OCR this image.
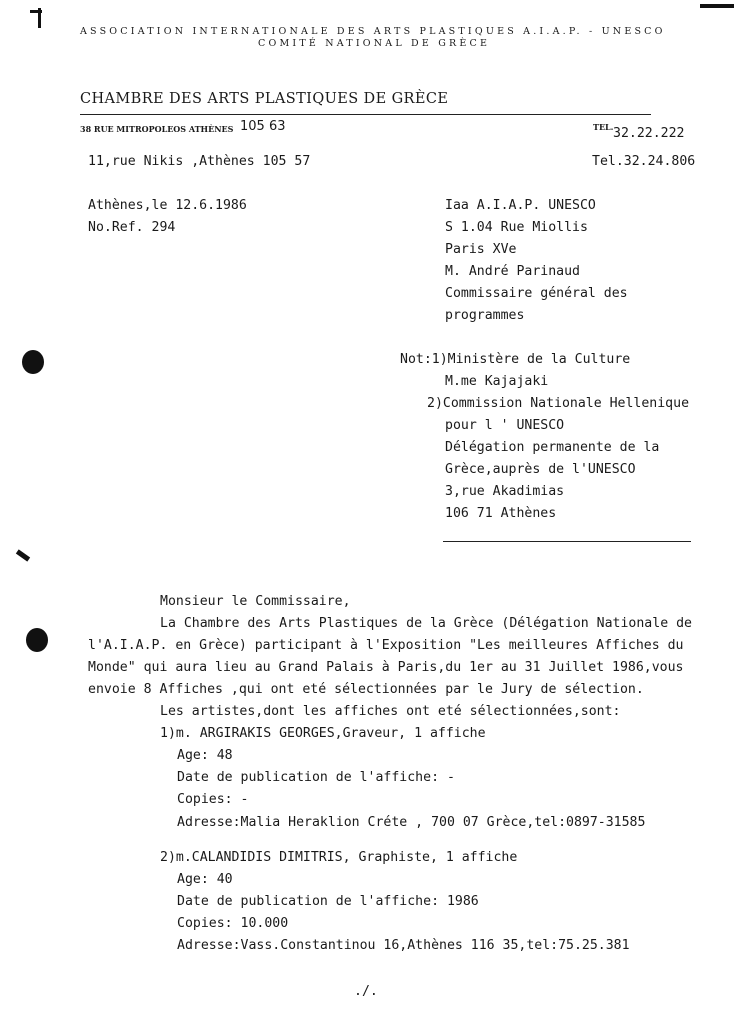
ASSOCIATION INTERNATIONALE DES ARTS PLASTIQUES A.I.A.P. - UNESCO
COMITÉ NATIONAL DE GRÈCE
CHAMBRE DES ARTS PLASTIQUES DE GRÈCE
38 RUE MITROPOLEOS ATHÈNES 105 63	TEL. 32.22.222
11,rue Nikis ,Athènes 105 57	Tel.32.24.806
Athènes,le 12.6.1986
No.Ref. 294
Iaa A.I.A.P. UNESCO
S 1.04 Rue Miollis
Paris XVe
M. André Parinaud
Commissaire général des
programmes
Not:1)Ministère de la Culture
M.me Kajajaki
2)Commission Nationale Hellenique
pour l ' UNESCO
Délégation permanente de la
Grèce,auprès de l'UNESCO
3,rue Akadimias
106 71 Athènes
Monsieur le Commissaire,
La Chambre des Arts Plastiques de la Grèce (Délégation Nationale de
l'A.I.A.P. en Grèce) participant à l'Exposition "Les meilleures Affiches du
Monde" qui aura lieu au Grand Palais à Paris,du 1er au 31 Juillet 1986,vous
envoie 8 Affiches ,qui ont eté sélectionnées par le Jury de sélection.
Les artistes,dont les affiches ont eté sélectionnées,sont:
1)m. ARGIRAKIS GEORGES,Graveur, 1 affiche
Age: 48
Date de publication de l'affiche: -
Copies: -
Adresse:Malia Heraklion Créte , 700 07 Grèce,tel:0897-31585
2)m.CALANDIDIS DIMITRIS, Graphiste, 1 affiche
Age: 40
Date de publication de l'affiche: 1986
Copies: 10.000
Adresse:Vass.Constantinou 16,Athènes 116 35,tel:75.25.381
./.
